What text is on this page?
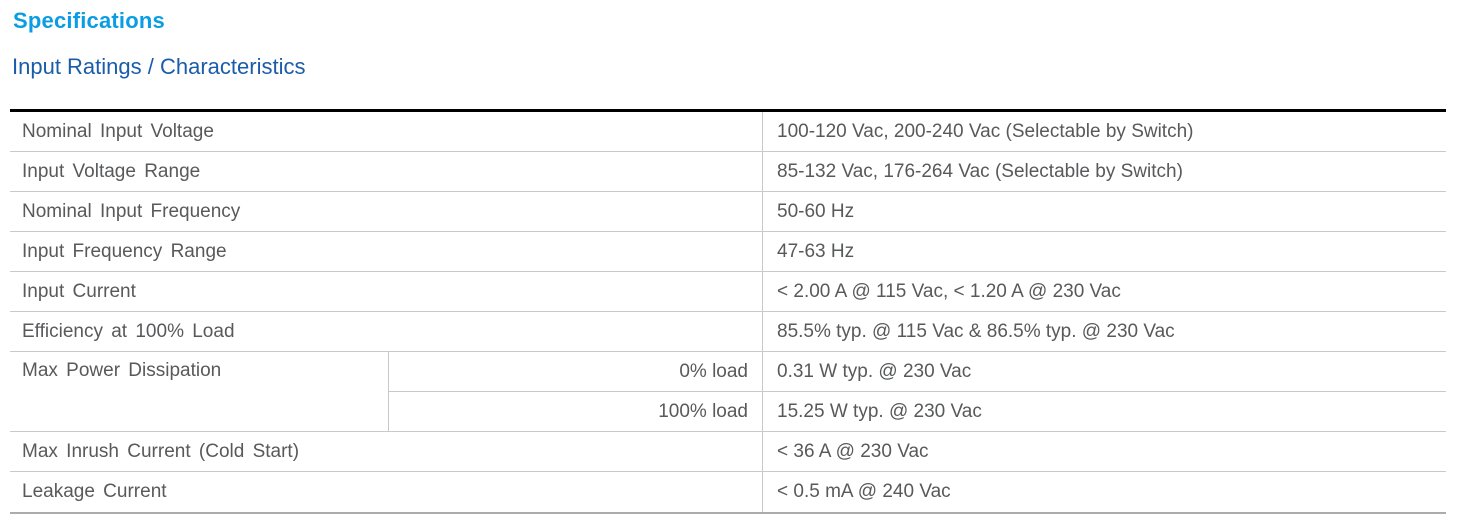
Specifications
Input Ratings / Characteristics
Nominal Input Voltage	100-120 Vac, 200-240 Vac (Selectable by Switch)
Input Voltage Range	85-132 Vac, 176-264 Vac (Selectable by Switch)
Nominal Input Frequency	50-60 Hz
Input Frequency Range	47-63 Hz
Input Current	< 2.00 A @ 115 Vac, < 1.20 A @ 230 Vac
Efficiency at 100% Load	85.5% typ. @ 115 Vac & 86.5% typ. @ 230 Vac
Max Power Dissipation	0% load	0.31 W typ. @ 230 Vac
100% load	15.25 W typ. @ 230 Vac
Max Inrush Current (Cold Start)	< 36 A @ 230 Vac
Leakage Current	< 0.5 mA @ 240 Vac
